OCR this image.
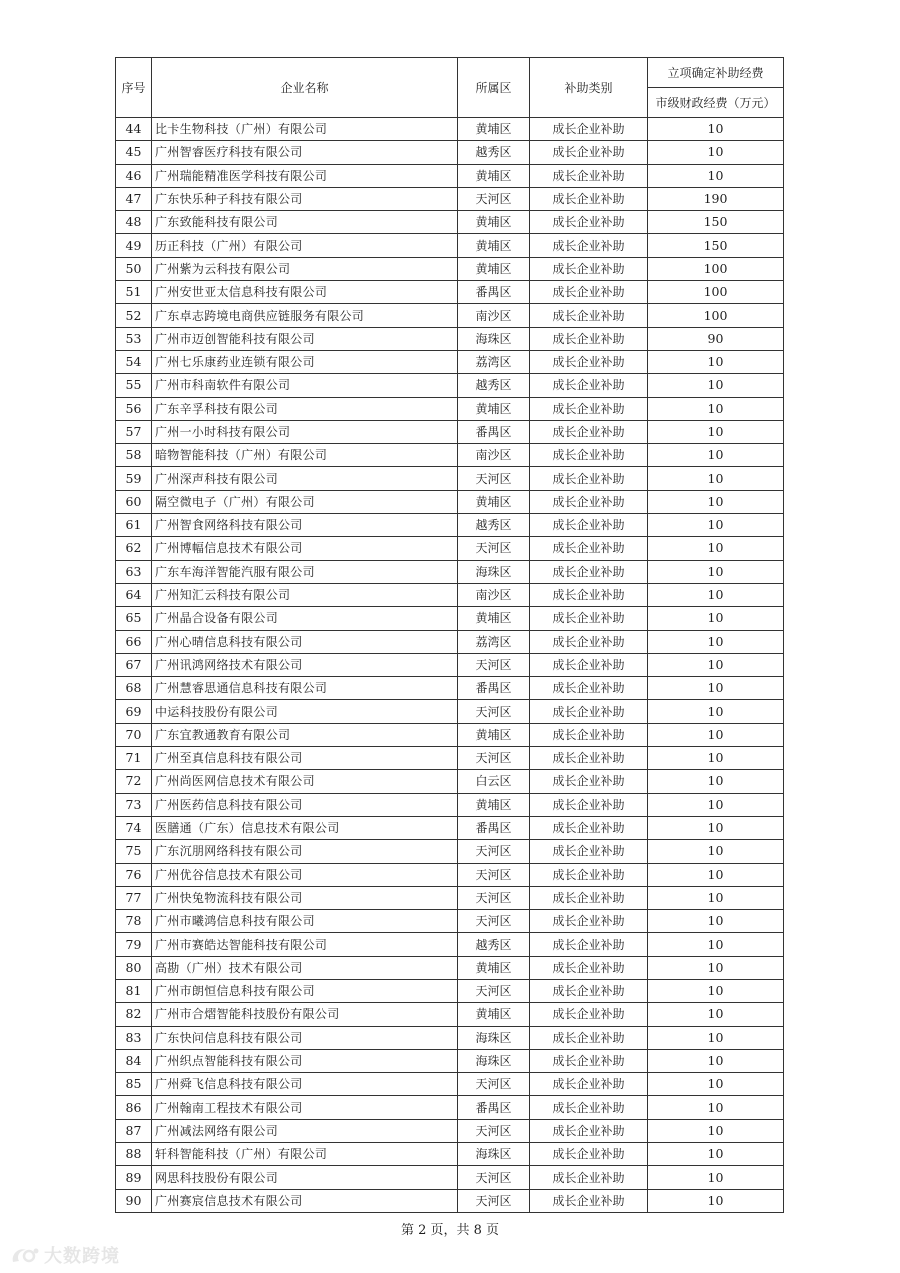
序号	企业名称	所属区	补助类别	立项确定补助经费
				市级财政经费（万元）
44	比卡生物科技（广州）有限公司	黄埔区	成长企业补助	10
45	广州智睿医疗科技有限公司	越秀区	成长企业补助	10
46	广州瑞能精准医学科技有限公司	黄埔区	成长企业补助	10
47	广东快乐种子科技有限公司	天河区	成长企业补助	190
48	广东致能科技有限公司	黄埔区	成长企业补助	150
49	历正科技（广州）有限公司	黄埔区	成长企业补助	150
50	广州紫为云科技有限公司	黄埔区	成长企业补助	100
51	广州安世亚太信息科技有限公司	番禺区	成长企业补助	100
52	广东卓志跨境电商供应链服务有限公司	南沙区	成长企业补助	100
53	广州市迈创智能科技有限公司	海珠区	成长企业补助	90
54	广州七乐康药业连锁有限公司	荔湾区	成长企业补助	10
55	广州市科南软件有限公司	越秀区	成长企业补助	10
56	广东辛孚科技有限公司	黄埔区	成长企业补助	10
57	广州一小时科技有限公司	番禺区	成长企业补助	10
58	暗物智能科技（广州）有限公司	南沙区	成长企业补助	10
59	广州深声科技有限公司	天河区	成长企业补助	10
60	隔空微电子（广州）有限公司	黄埔区	成长企业补助	10
61	广州智食网络科技有限公司	越秀区	成长企业补助	10
62	广州博幅信息技术有限公司	天河区	成长企业补助	10
63	广东车海洋智能汽服有限公司	海珠区	成长企业补助	10
64	广州知汇云科技有限公司	南沙区	成长企业补助	10
65	广州晶合设备有限公司	黄埔区	成长企业补助	10
66	广州心晴信息科技有限公司	荔湾区	成长企业补助	10
67	广州讯鸿网络技术有限公司	天河区	成长企业补助	10
68	广州慧睿思通信息科技有限公司	番禺区	成长企业补助	10
69	中运科技股份有限公司	天河区	成长企业补助	10
70	广东宜教通教育有限公司	黄埔区	成长企业补助	10
71	广州至真信息科技有限公司	天河区	成长企业补助	10
72	广州尚医网信息技术有限公司	白云区	成长企业补助	10
73	广州医药信息科技有限公司	黄埔区	成长企业补助	10
74	医膳通（广东）信息技术有限公司	番禺区	成长企业补助	10
75	广东沉朋网络科技有限公司	天河区	成长企业补助	10
76	广州优谷信息技术有限公司	天河区	成长企业补助	10
77	广州快兔物流科技有限公司	天河区	成长企业补助	10
78	广州市曦鸿信息科技有限公司	天河区	成长企业补助	10
79	广州市赛皓达智能科技有限公司	越秀区	成长企业补助	10
80	高勘（广州）技术有限公司	黄埔区	成长企业补助	10
81	广州市朗恒信息科技有限公司	天河区	成长企业补助	10
82	广州市合熠智能科技股份有限公司	黄埔区	成长企业补助	10
83	广东快问信息科技有限公司	海珠区	成长企业补助	10
84	广州织点智能科技有限公司	海珠区	成长企业补助	10
85	广州舜飞信息科技有限公司	天河区	成长企业补助	10
86	广州翰南工程技术有限公司	番禺区	成长企业补助	10
87	广州减法网络有限公司	天河区	成长企业补助	10
88	轩科智能科技（广州）有限公司	海珠区	成长企业补助	10
89	网思科技股份有限公司	天河区	成长企业补助	10
90	广州赛宸信息技术有限公司	天河区	成长企业补助	10
第 2 页，共 8 页
大数跨境
